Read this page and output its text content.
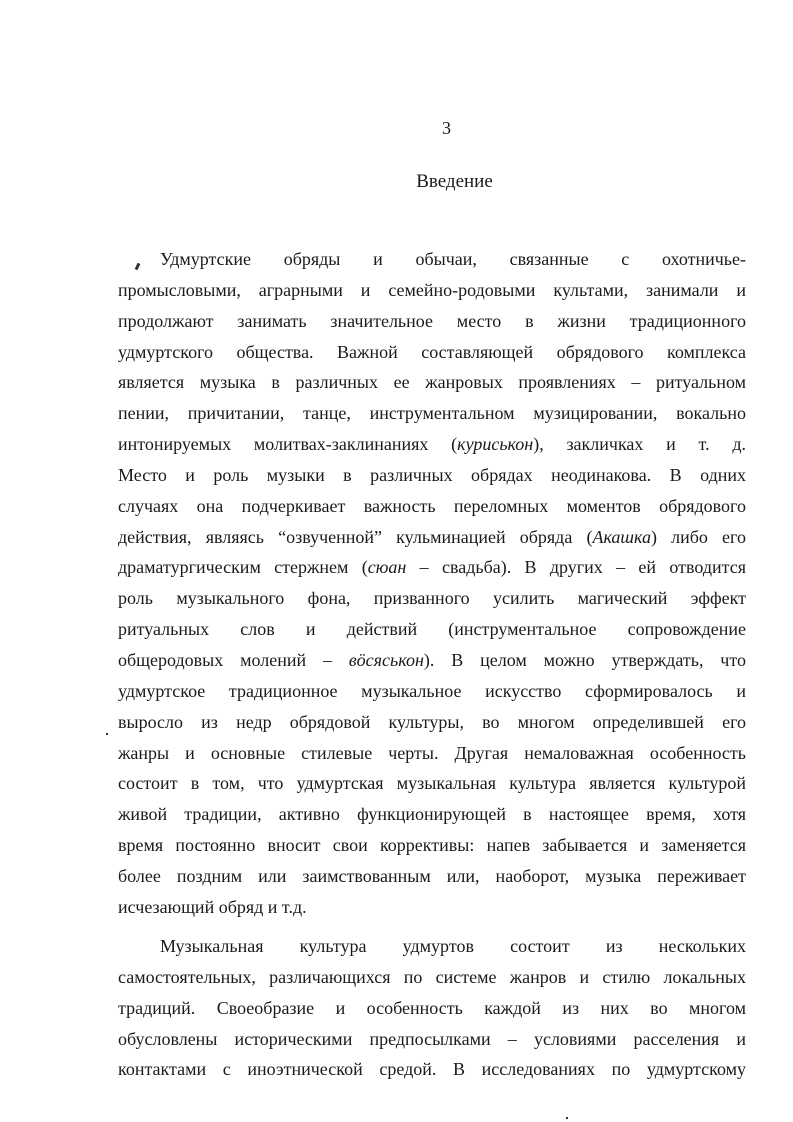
3
Введение
Удмуртские обряды и обычаи, связанные с охотничье-
промысловыми, аграрными и семейно-родовыми культами, занимали и
продолжают занимать значительное место в жизни традиционного
удмуртского общества. Важной составляющей обрядового комплекса
является музыка в различных ее жанровых проявлениях – ритуальном
пении, причитании, танце, инструментальном музицировании, вокально
интонируемых молитвах-заклинаниях (куриськон), закличках и т. д.
Место и роль музыки в различных обрядах неодинакова. В одних
случаях она подчеркивает важность переломных моментов обрядового
действия, являясь “озвученной” кульминацией обряда (Акашка) либо его
драматургическим стержнем (сюан – свадьба). В других – ей отводится
роль музыкального фона, призванного усилить магический эффект
ритуальных слов и действий (инструментальное сопровождение
общеродовых молений – вöсяськон). В целом можно утверждать, что
удмуртское традиционное музыкальное искусство сформировалось и
выросло из недр обрядовой культуры, во многом определившей его
жанры и основные стилевые черты. Другая немаловажная особенность
состоит в том, что удмуртская музыкальная культура является культурой
живой традиции, активно функционирующей в настоящее время, хотя
время постоянно вносит свои коррективы: напев забывается и заменяется
более поздним или заимствованным или, наоборот, музыка переживает
исчезающий обряд и т.д.
Музыкальная культура удмуртов состоит из нескольких
самостоятельных, различающихся по системе жанров и стилю локальных
традиций. Своеобразие и особенность каждой из них во многом
обусловлены историческими предпосылками – условиями расселения и
контактами с иноэтнической средой. В исследованиях по удмуртскому
